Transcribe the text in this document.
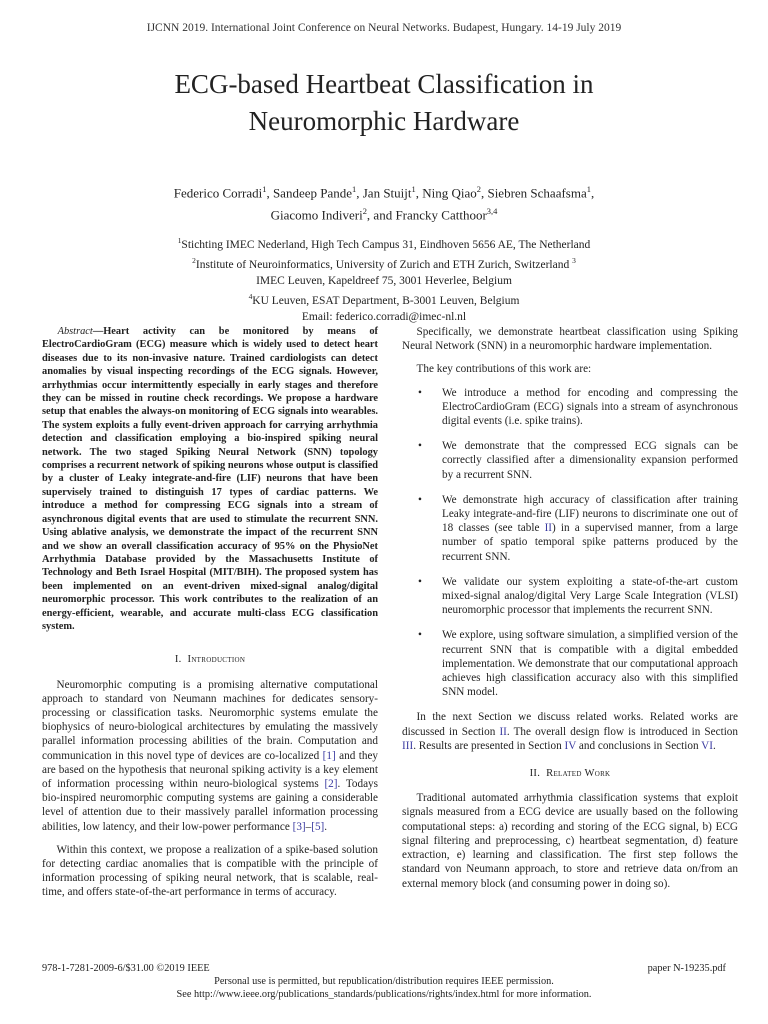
IJCNN 2019. International Joint Conference on Neural Networks. Budapest, Hungary. 14-19 July 2019
ECG-based Heartbeat Classification in
Neuromorphic Hardware
Federico Corradi$^1$, Sandeep Pande$^1$, Jan Stuijt$^1$, Ning Qiao$^2$, Siebren Schaafsma$^1$,
Giacomo Indiveri$^2$, and Francky Catthoor$^{3,4}$
$^1$Stichting IMEC Nederland, High Tech Campus 31, Eindhoven 5656 AE, The Netherland
$^2$Institute of Neuroinformatics, University of Zurich and ETH Zurich, Switzerland $^3$
IMEC Leuven, Kapeldreef 75, 3001 Heverlee, Belgium
$^4$KU Leuven, ESAT Department, B-3001 Leuven, Belgium
Email: federico.corradi@imec-nl.nl

Abstract—Heart activity can be monitored by means of ElectroCardioGram (ECG) measure which is widely used to detect heart diseases due to its non-invasive nature. Trained cardiologists can detect anomalies by visual inspecting recordings of the ECG signals. However, arrhythmias occur intermittently especially in early stages and therefore they can be missed in routine check recordings. We propose a hardware setup that enables the always-on monitoring of ECG signals into wearables. The system exploits a fully event-driven approach for carrying arrhythmia detection and classification employing a bio-inspired spiking neural network. The two staged Spiking Neural Network (SNN) topology comprises a recurrent network of spiking neurons whose output is classified by a cluster of Leaky integrate-and-fire (LIF) neurons that have been supervisely trained to distinguish 17 types of cardiac patterns. We introduce a method for compressing ECG signals into a stream of asynchronous digital events that are used to stimulate the recurrent SNN. Using ablative analysis, we demonstrate the impact of the recurrent SNN and we show an overall classification accuracy of 95% on the PhysioNet Arrhythmia Database provided by the Massachusetts Institute of Technology and Beth Israel Hospital (MIT/BIH). The proposed system has been implemented on an event-driven mixed-signal analog/digital neuromorphic processor. This work contributes to the realization of an energy-efficient, wearable, and accurate multi-class ECG classification system.

I. Introduction

Neuromorphic computing is a promising alternative computational approach to standard von Neumann machines for dedicates sensory-processing or classification tasks. Neuromorphic systems emulate the biophysics of neuro-biological architectures by emulating the massively parallel information processing abilities of the brain. Computation and communication in this novel type of devices are co-localized [1] and they are based on the hypothesis that neuronal spiking activity is a key element of information processing within neuro-biological systems [2]. Todays bio-inspired neuromorphic computing systems are gaining a considerable level of attention due to their massively parallel information processing abilities, low latency, and their low-power performance [3]–[5].

Within this context, we propose a realization of a spike-based solution for detecting cardiac anomalies that is compatible with the principle of information processing of spiking neural network, that is scalable, real-time, and offers state-of-the-art performance in terms of accuracy.

Specifically, we demonstrate heartbeat classification using Spiking Neural Network (SNN) in a neuromorphic hardware implementation.

The key contributions of this work are:

• We introduce a method for encoding and compressing the ElectroCardioGram (ECG) signals into a stream of asynchronous digital events (i.e. spike trains).
• We demonstrate that the compressed ECG signals can be correctly classified after a dimensionality expansion performed by a recurrent SNN.
• We demonstrate high accuracy of classification after training Leaky integrate-and-fire (LIF) neurons to discriminate one out of 18 classes (see table II) in a supervised manner, from a large number of spatio temporal spike patterns produced by the recurrent SNN.
• We validate our system exploiting a state-of-the-art custom mixed-signal analog/digital Very Large Scale Integration (VLSI) neuromorphic processor that implements the recurrent SNN.
• We explore, using software simulation, a simplified version of the recurrent SNN that is compatible with a digital embedded implementation. We demonstrate that our computational approach achieves high classification accuracy also with this simplified SNN model.

In the next Section we discuss related works. Related works are discussed in Section II. The overall design flow is introduced in Section III. Results are presented in Section IV and conclusions in Section VI.

II. Related Work

Traditional automated arrhythmia classification systems that exploit signals measured from a ECG device are usually based on the following computational steps: a) recording and storing of the ECG signal, b) ECG signal filtering and preprocessing, c) heartbeat segmentation, d) feature extraction, e) learning and classification. The first step follows the standard von Neumann approach, to store and retrieve data on/from an external memory block (and consuming power in doing so).

978-1-7281-2009-6/$31.00 ©2019 IEEE	paper N-19235.pdf
Personal use is permitted, but republication/distribution requires IEEE permission.
See http://www.ieee.org/publications_standards/publications/rights/index.html for more information.
